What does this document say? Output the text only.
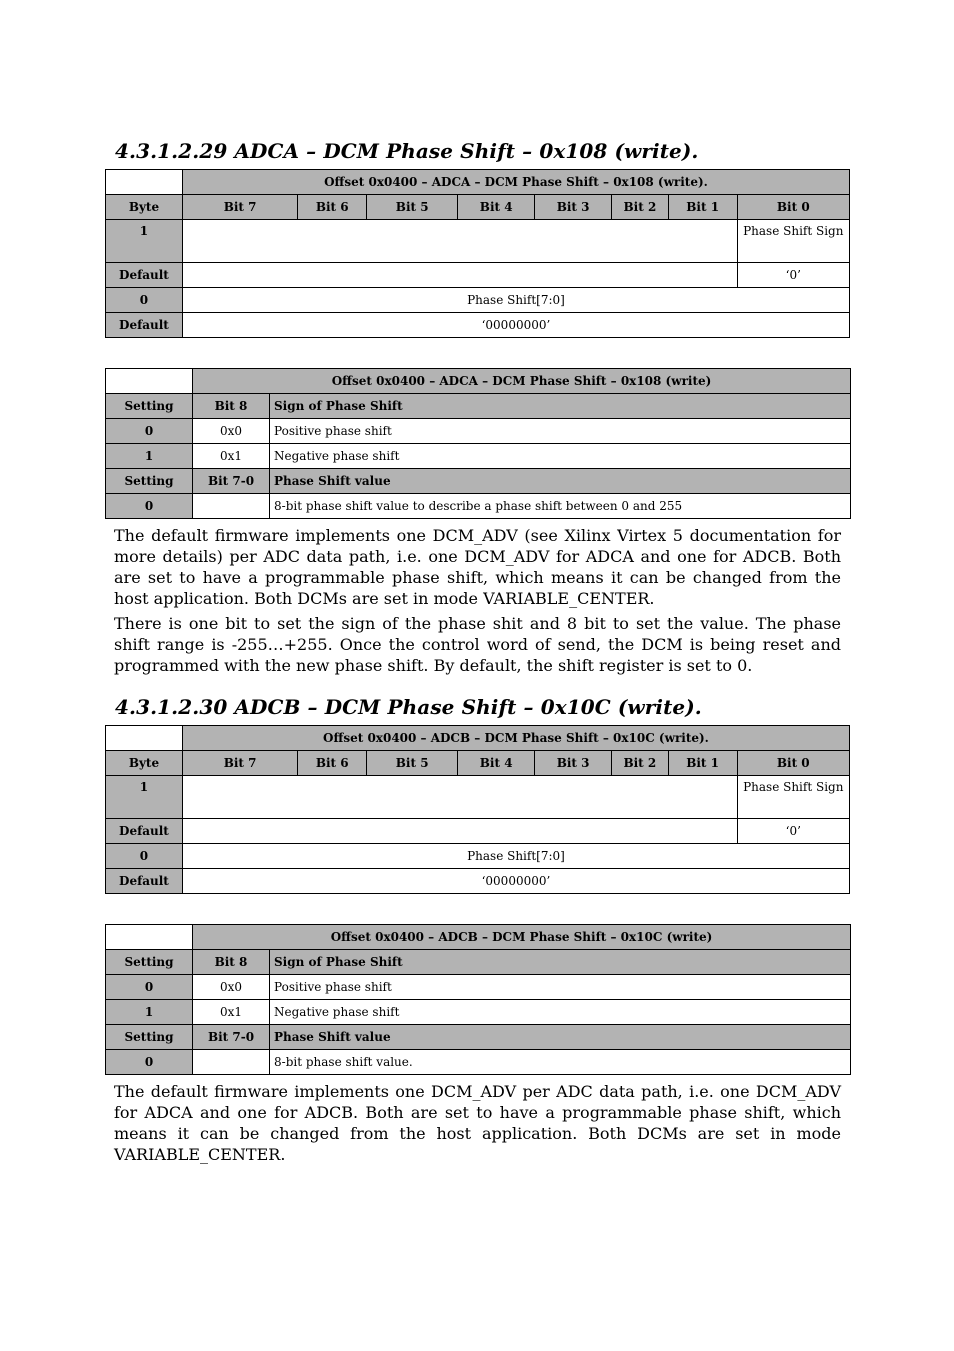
4.3.1.2.29 ADCA – DCM Phase Shift – 0x108 (write).
	Offset 0x0400 – ADCA – DCM Phase Shift – 0x108 (write).							
Byte	Bit 7	Bit 6	Bit 5	Bit 4	Bit 3	Bit 2	Bit 1	Bit 0
1								Phase Shift Sign
Default								‘0’
0	Phase Shift[7:0]							
Default	‘00000000’							
	Offset 0x0400 – ADCA – DCM Phase Shift – 0x108 (write)	
Setting	Bit 8	Sign of Phase Shift
0	0x0	Positive phase shift
1	0x1	Negative phase shift
Setting	Bit 7-0	Phase Shift value
0		8-bit phase shift value to describe a phase shift between 0 and 255

The default firmware implements one DCM_ADV (see Xilinx Virtex 5 documentation for more details) per ADC data path, i.e. one DCM_ADV for ADCA and one for ADCB. Both are set to have a programmable phase shift, which means it can be changed from the host application. Both DCMs are set in mode VARIABLE_CENTER.

There is one bit to set the sign of the phase shit and 8 bit to set the value. The phase shift range is -255…+255. Once the control word of send, the DCM is being reset and programmed with the new phase shift. By default, the shift register is set to 0.

4.3.1.2.30 ADCB – DCM Phase Shift – 0x10C (write).
	Offset 0x0400 – ADCB – DCM Phase Shift – 0x10C (write).							
Byte	Bit 7	Bit 6	Bit 5	Bit 4	Bit 3	Bit 2	Bit 1	Bit 0
1								Phase Shift Sign
Default								‘0’
0	Phase Shift[7:0]							
Default	‘00000000’							
	Offset 0x0400 – ADCB – DCM Phase Shift – 0x10C (write)	
Setting	Bit 8	Sign of Phase Shift
0	0x0	Positive phase shift
1	0x1	Negative phase shift
Setting	Bit 7-0	Phase Shift value
0		8-bit phase shift value.

The default firmware implements one DCM_ADV per ADC data path, i.e. one DCM_ADV for ADCA and one for ADCB. Both are set to have a programmable phase shift, which means it can be changed from the host application. Both DCMs are set in mode VARIABLE_CENTER.
